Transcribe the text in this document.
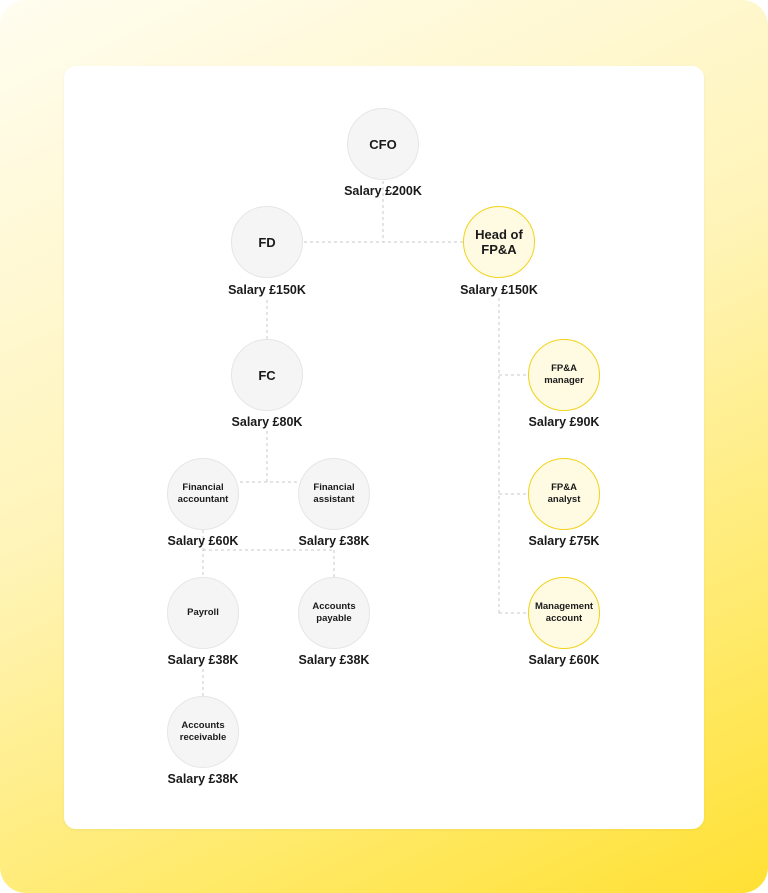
CFO
Salary £200K
FD
Salary £150K
Head of FP&A
Salary £150K
FC
Salary £80K
Financial accountant
Salary £60K
Financial assistant
Salary £38K
Payroll
Salary £38K
Accounts payable
Salary £38K
Accounts receivable
Salary £38K
FP&A manager
Salary £90K
FP&A analyst
Salary £75K
Management account
Salary £60K
